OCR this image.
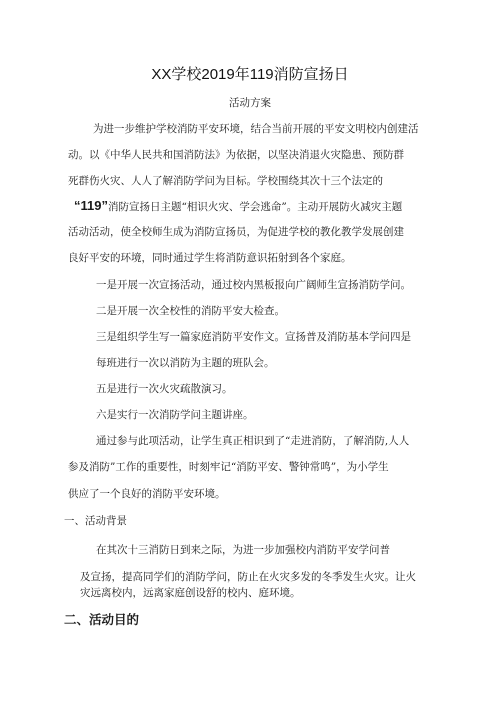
XX学校2019年119消防宣扬日
活动方案
为进一步维护学校消防平安环境，结合当前开展的平安文明校内创建活
动。以《中华人民共和国消防法》为依据，以坚决消退火灾隐患、预防群
死群伤火灾、人人了解消防学问为目标。学校围绕其次十三个法定的
“119”消防宣扬日主题“相识火灾、学会逃命”。主动开展防火减灾主题
活动活动，使全校师生成为消防宣扬员，为促进学校的教化教学发展创建
良好平安的环境，同时通过学生将消防意识拓射到各个家庭。
一是开展一次宣扬活动，通过校内黑板报向广阔师生宣扬消防学问。
二是开展一次全校性的消防平安大检查。
三是组织学生写一篇家庭消防平安作文。宣扬普及消防基本学问四是
每班进行一次以消防为主题的班队会。
五是进行一次火灾疏散演习。
六是实行一次消防学问主题讲座。
通过参与此项活动，让学生真正相识到了“走进消防，了解消防,人人
参及消防”工作的重要性，时刻牢记“消防平安、警钟常鸣”，为小学生
供应了一个良好的消防平安环境。
一、活动背景
在其次十三消防日到来之际，为进一步加强校内消防平安学问普
及宣扬，提高同学们的消防学问，防止在火灾多发的冬季发生火灾。让火
灾远离校内，远离家庭创设舒的校内、庭环境。
二、活动目的
